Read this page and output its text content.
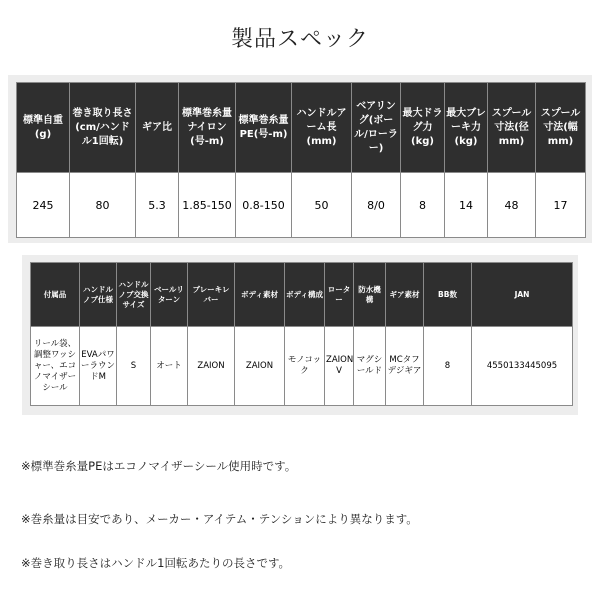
製品スペック
標準自重(g)	巻き取り長さ(cm/ハンドル1回転)	ギア比	標準巻糸量ナイロン(号-m)	標準巻糸量PE(号-m)	ハンドルアーム長(mm)	ベアリング(ボール/ローラー)	最大ドラグ力(kg)	最大ブレーキ力(kg)	スプール寸法(径mm)	スプール寸法(幅mm)
245	80	5.3	1.85-150	0.8-150	50	8/0	8	14	48	17
付属品	ハンドルノブ仕様	ハンドルノブ交換サイズ	ベールリターン	ブレーキレバー	ボディ素材	ボディ構成	ローター	防水機構	ギア素材	BB数	JAN
リール袋、調整ワッシャー、エコノマイザーシール	EVAパワーラウンドM	S	オート	ZAION	ZAION	モノコック	ZAION V	マグシールド	MCタフデジギア	8	4550133445095
※標準巻糸量PEはエコノマイザーシール使用時です。
※巻糸量は目安であり、メーカー・アイテム・テンションにより異なります。
※巻き取り長さはハンドル1回転あたりの長さです。
